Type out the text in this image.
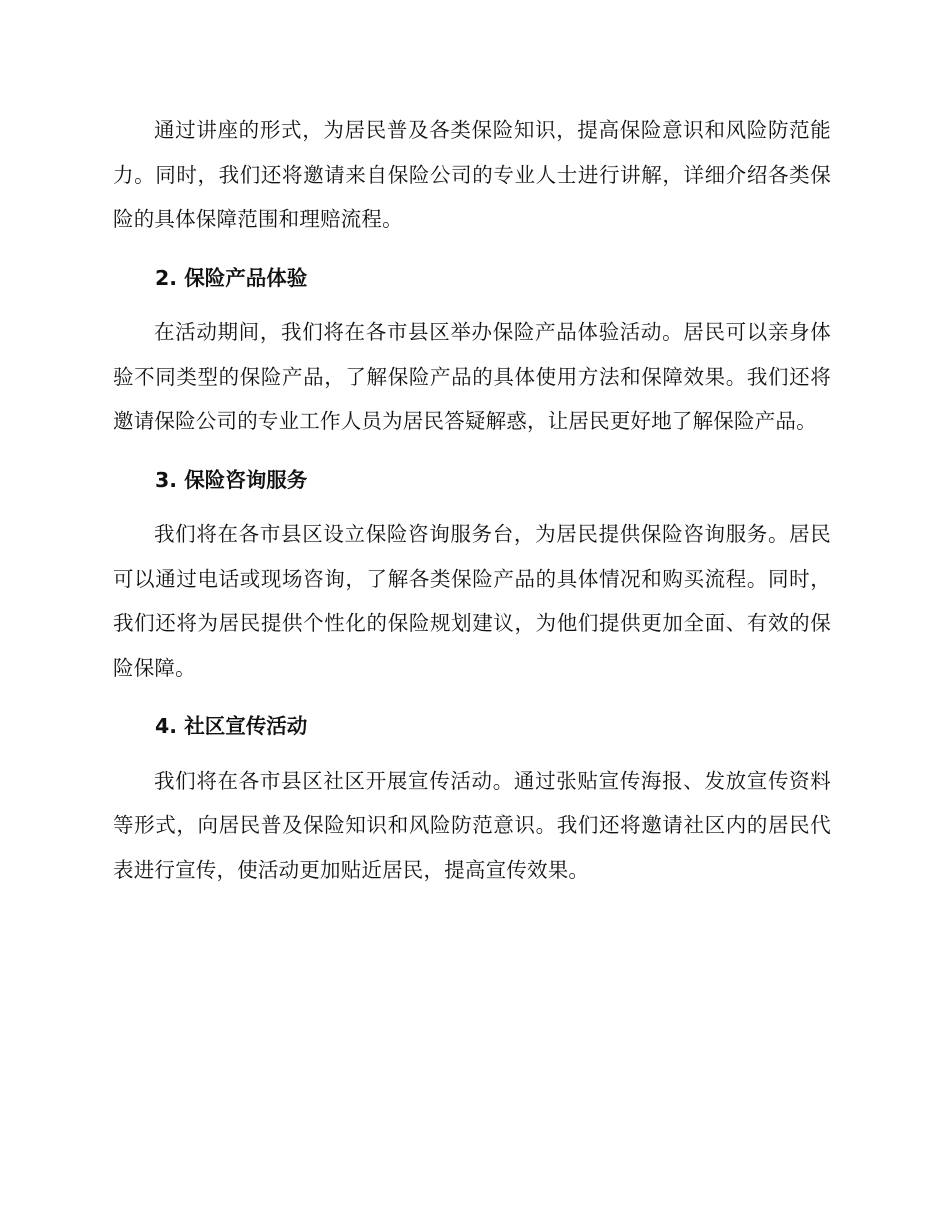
通过讲座的形式，为居民普及各类保险知识，提高保险意识和风险防范能力。同时，我们还将邀请来自保险公司的专业人士进行讲解，详细介绍各类保险的具体保障范围和理赔流程。

2. 保险产品体验

在活动期间，我们将在各市县区举办保险产品体验活动。居民可以亲身体验不同类型的保险产品，了解保险产品的具体使用方法和保障效果。我们还将邀请保险公司的专业工作人员为居民答疑解惑，让居民更好地了解保险产品。

3. 保险咨询服务

我们将在各市县区设立保险咨询服务台，为居民提供保险咨询服务。居民可以通过电话或现场咨询，了解各类保险产品的具体情况和购买流程。同时，我们还将为居民提供个性化的保险规划建议，为他们提供更加全面、有效的保险保障。

4. 社区宣传活动

我们将在各市县区社区开展宣传活动。通过张贴宣传海报、发放宣传资料等形式，向居民普及保险知识和风险防范意识。我们还将邀请社区内的居民代表进行宣传，使活动更加贴近居民，提高宣传效果。
